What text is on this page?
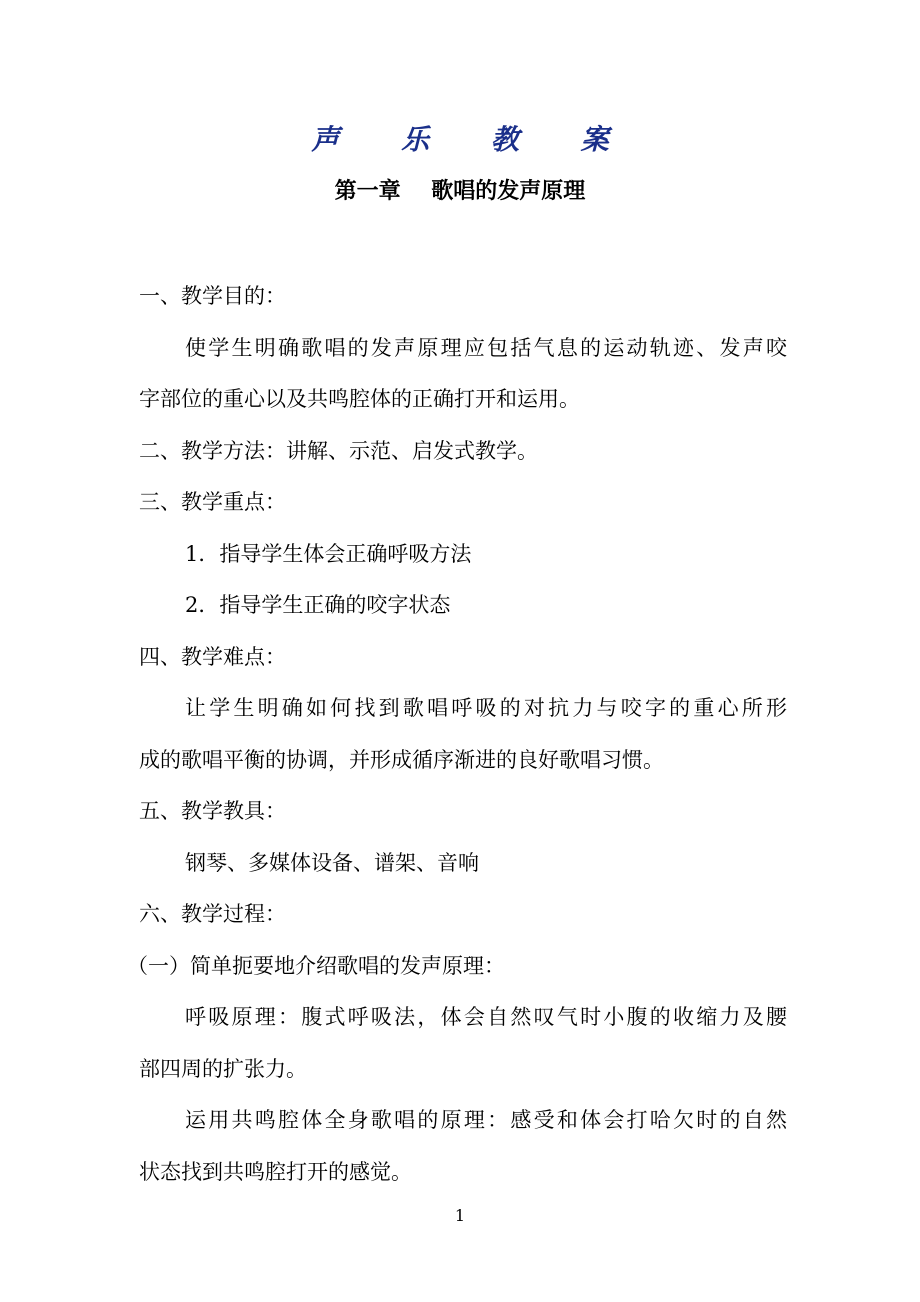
声 乐 教 案
第一章    歌唱的发声原理

一、教学目的：

使学生明确歌唱的发声原理应包括气息的运动轨迹、发声咬

字部位的重心以及共鸣腔体的正确打开和运用。

二、教学方法：讲解、示范、启发式教学。

三、教学重点：

1．指导学生体会正确呼吸方法

2．指导学生正确的咬字状态

四、教学难点：

让学生明确如何找到歌唱呼吸的对抗力与咬字的重心所形

成的歌唱平衡的协调，并形成循序渐进的良好歌唱习惯。

五、教学教具：

钢琴、多媒体设备、谱架、音响

六、教学过程：

（一）简单扼要地介绍歌唱的发声原理：

呼吸原理：腹式呼吸法，体会自然叹气时小腹的收缩力及腰

部四周的扩张力。

运用共鸣腔体全身歌唱的原理：感受和体会打哈欠时的自然

状态找到共鸣腔打开的感觉。

1
